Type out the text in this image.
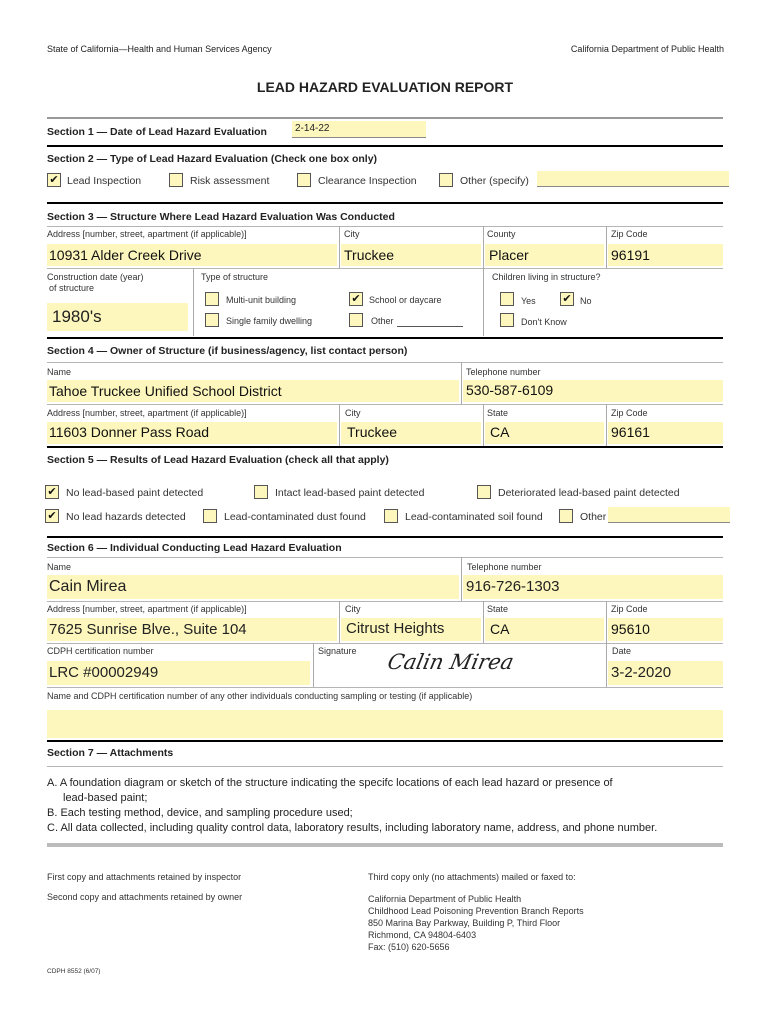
State of California—Health and Human Services Agency	California Department of Public Health
LEAD HAZARD EVALUATION REPORT
Section 1 — Date of Lead Hazard Evaluation	2-14-22
Section 2 — Type of Lead Hazard Evaluation (Check one box only)
✔ Lead Inspection	Risk assessment	Clearance Inspection	Other (specify)
Section 3 — Structure Where Lead Hazard Evaluation Was Conducted
Address [number, street, apartment (if applicable)]	City	County	Zip Code
10931 Alder Creek Drive	Truckee	Placer	96191
Construction date (year)
of structure
1980's
Type of structure
Multi-unit building	✔ School or daycare
Single family dwelling	Other
Children living in structure?
Yes ✔ No
Don't Know
Section 4 — Owner of Structure (if business/agency, list contact person)
Name	Telephone number
Tahoe Truckee Unified School District	530-587-6109
Address [number, street, apartment (if applicable)]	City	State	Zip Code
11603 Donner Pass Road	Truckee	CA	96161
Section 5 — Results of Lead Hazard Evaluation (check all that apply)
✔ No lead-based paint detected	Intact lead-based paint detected	Deteriorated lead-based paint detected
✔ No lead hazards detected	Lead-contaminated dust found	Lead-contaminated soil found	Other
Section 6 — Individual Conducting Lead Hazard Evaluation
Name	Telephone number
Cain Mirea	916-726-1303
Address [number, street, apartment (if applicable)]	City	State	Zip Code
7625 Sunrise Blve., Suite 104	Citrust Heights	CA	95610
CDPH certification number	Signature	Date
LRC #00002949	Calin Mirea	3-2-2020
Name and CDPH certification number of any other individuals conducting sampling or testing (if applicable)
Section 7 — Attachments
A. A foundation diagram or sketch of the structure indicating the specifc locations of each lead hazard or presence of
lead-based paint;
B. Each testing method, device, and sampling procedure used;
C. All data collected, including quality control data, laboratory results, including laboratory name, address, and phone number.
First copy and attachments retained by inspector
Second copy and attachments retained by owner
Third copy only (no attachments) mailed or faxed to:
California Department of Public Health
Childhood Lead Poisoning Prevention Branch Reports
850 Marina Bay Parkway, Building P, Third Floor
Richmond, CA 94804-6403
Fax: (510) 620-5656
CDPH 8552 (6/07)
